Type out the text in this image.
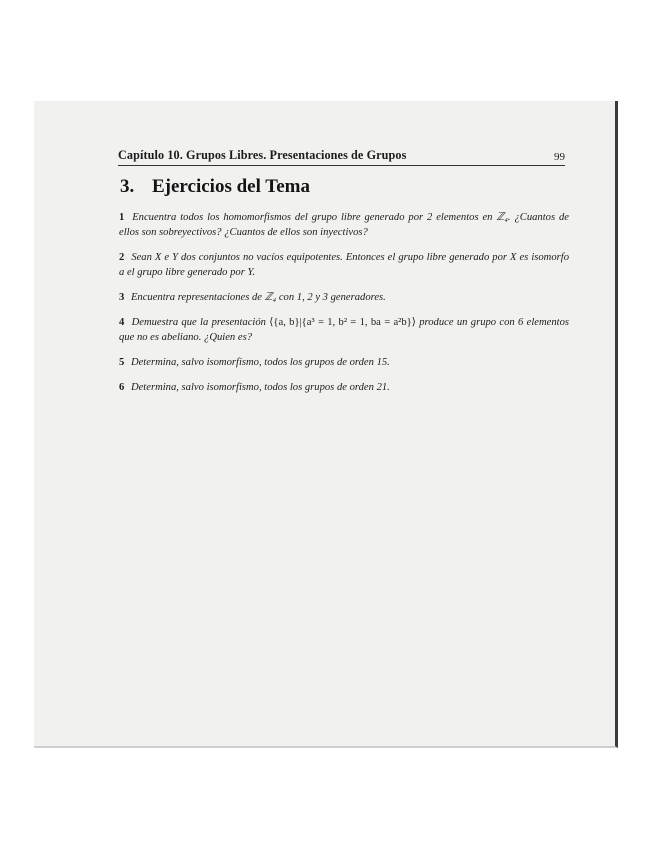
Capítulo 10. Grupos Libres. Presentaciones de Grupos	99
3. Ejercicios del Tema

1 Encuentra todos los homomorfismos del grupo libre generado por 2 elementos en ℤ₄. ¿Cuantos de ellos son sobreyectivos? ¿Cuantos de ellos son inyectivos?

2 Sean X e Y dos conjuntos no vacíos equipotentes. Entonces el grupo libre generado por X es isomorfo a el grupo libre generado por Y.

3 Encuentra representaciones de ℤ₄ con 1, 2 y 3 generadores.

4 Demuestra que la presentación ⟨{a, b}|{a³ = 1, b² = 1, ba = a²b}⟩ produce un grupo con 6 elementos que no es abeliano. ¿Quien es?

5 Determina, salvo isomorfismo, todos los grupos de orden 15.

6 Determina, salvo isomorfismo, todos los grupos de orden 21.
